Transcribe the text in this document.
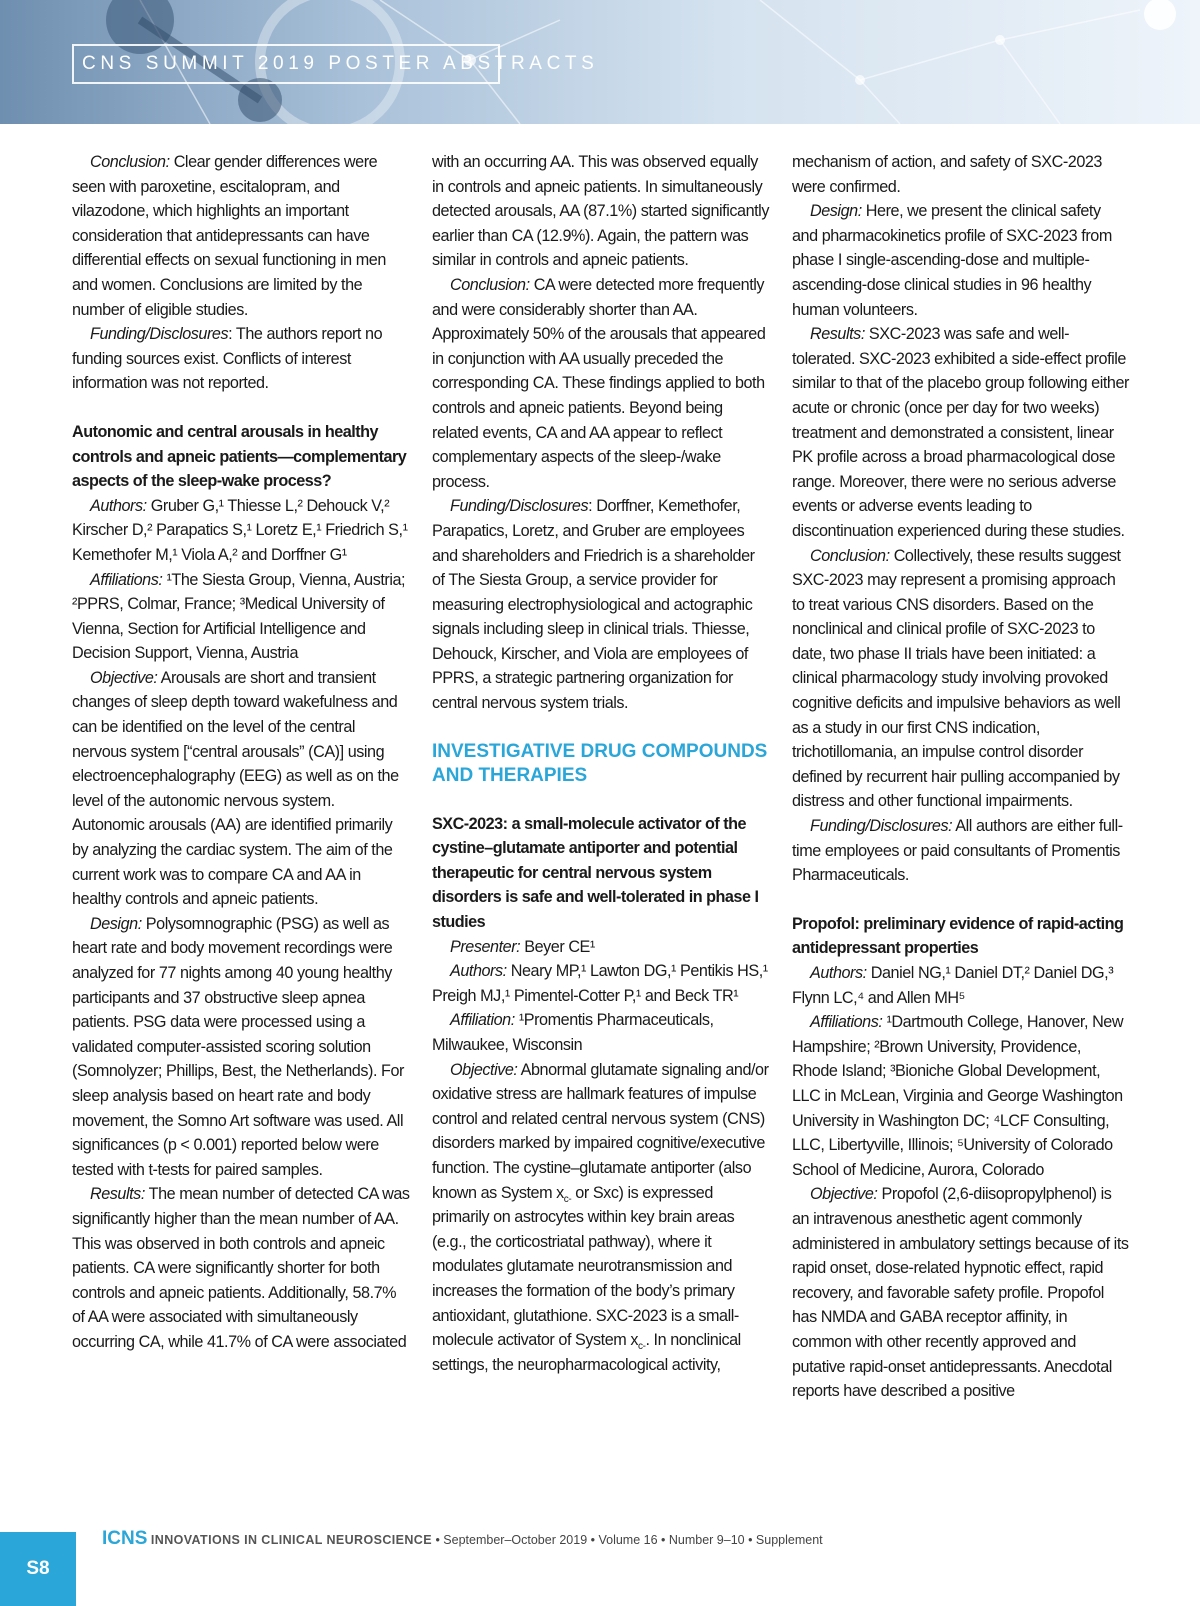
CNS SUMMIT 2019 POSTER ABSTRACTS

Conclusion: Clear gender differences were seen with paroxetine, escitalopram, and vilazodone, which highlights an important consideration that antidepressants can have differential effects on sexual functioning in men and women. Conclusions are limited by the number of eligible studies.

Funding/Disclosures: The authors report no funding sources exist. Conflicts of interest information was not reported.

Autonomic and central arousals in healthy controls and apneic patients—complementary aspects of the sleep-wake process?

Authors: Gruber G,¹ Thiesse L,² Dehouck V,² Kirscher D,² Parapatics S,¹ Loretz E,¹ Friedrich S,¹ Kemethofer M,¹ Viola A,² and Dorffner G¹

Affiliations: ¹The Siesta Group, Vienna, Austria; ²PPRS, Colmar, France; ³Medical University of Vienna, Section for Artificial Intelligence and Decision Support, Vienna, Austria

Objective: Arousals are short and transient changes of sleep depth toward wakefulness and can be identified on the level of the central nervous system [“central arousals” (CA)] using electroencephalography (EEG) as well as on the level of the autonomic nervous system. Autonomic arousals (AA) are identified primarily by analyzing the cardiac system. The aim of the current work was to compare CA and AA in healthy controls and apneic patients.

Design: Polysomnographic (PSG) as well as heart rate and body movement recordings were analyzed for 77 nights among 40 young healthy participants and 37 obstructive sleep apnea patients. PSG data were processed using a validated computer-assisted scoring solution (Somnolyzer; Phillips, Best, the Netherlands). For sleep analysis based on heart rate and body movement, the Somno Art software was used. All significances (p < 0.001) reported below were tested with t-tests for paired samples.

Results: The mean number of detected CA was significantly higher than the mean number of AA. This was observed in both controls and apneic patients. CA were significantly shorter for both controls and apneic patients. Additionally, 58.7% of AA were associated with simultaneously occurring CA, while 41.7% of CA were associated

with an occurring AA. This was observed equally in controls and apneic patients. In simultaneously detected arousals, AA (87.1%) started significantly earlier than CA (12.9%). Again, the pattern was similar in controls and apneic patients.

Conclusion: CA were detected more frequently and were considerably shorter than AA. Approximately 50% of the arousals that appeared in conjunction with AA usually preceded the corresponding CA. These findings applied to both controls and apneic patients. Beyond being related events, CA and AA appear to reflect complementary aspects of the sleep-/wake process.

Funding/Disclosures: Dorffner, Kemethofer, Parapatics, Loretz, and Gruber are employees and shareholders and Friedrich is a shareholder of The Siesta Group, a service provider for measuring electrophysiological and actographic signals including sleep in clinical trials. Thiesse, Dehouck, Kirscher, and Viola are employees of PPRS, a strategic partnering organization for central nervous system trials.

INVESTIGATIVE DRUG COMPOUNDS AND THERAPIES

SXC-2023: a small-molecule activator of the cystine–glutamate antiporter and potential therapeutic for central nervous system disorders is safe and well-tolerated in phase I studies

Presenter: Beyer CE¹

Authors: Neary MP,¹ Lawton DG,¹ Pentikis HS,¹ Preigh MJ,¹ Pimentel-Cotter P,¹ and Beck TR¹

Affiliation: ¹Promentis Pharmaceuticals, Milwaukee, Wisconsin

Objective: Abnormal glutamate signaling and/or oxidative stress are hallmark features of impulse control and related central nervous system (CNS) disorders marked by impaired cognitive/executive function. The cystine–glutamate antiporter (also known as System $x_{c-}$ or Sxc) is expressed primarily on astrocytes within key brain areas (e.g., the corticostriatal pathway), where it modulates glutamate neurotransmission and increases the formation of the body’s primary antioxidant, glutathione. SXC-2023 is a small-molecule activator of System $x_{c-}$. In nonclinical settings, the neuropharmacological activity,

mechanism of action, and safety of SXC-2023 were confirmed.

Design: Here, we present the clinical safety and pharmacokinetics profile of SXC-2023 from phase I single-ascending-dose and multiple-ascending-dose clinical studies in 96 healthy human volunteers.

Results: SXC-2023 was safe and well-tolerated. SXC-2023 exhibited a side-effect profile similar to that of the placebo group following either acute or chronic (once per day for two weeks) treatment and demonstrated a consistent, linear PK profile across a broad pharmacological dose range. Moreover, there were no serious adverse events or adverse events leading to discontinuation experienced during these studies.

Conclusion: Collectively, these results suggest SXC-2023 may represent a promising approach to treat various CNS disorders. Based on the nonclinical and clinical profile of SXC-2023 to date, two phase II trials have been initiated: a clinical pharmacology study involving provoked cognitive deficits and impulsive behaviors as well as a study in our first CNS indication, trichotillomania, an impulse control disorder defined by recurrent hair pulling accompanied by distress and other functional impairments.

Funding/Disclosures: All authors are either full-time employees or paid consultants of Promentis Pharmaceuticals.

Propofol: preliminary evidence of rapid-acting antidepressant properties

Authors: Daniel NG,¹ Daniel DT,² Daniel DG,³ Flynn LC,⁴ and Allen MH⁵

Affiliations: ¹Dartmouth College, Hanover, New Hampshire; ²Brown University, Providence, Rhode Island; ³Bioniche Global Development, LLC in McLean, Virginia and George Washington University in Washington DC; ⁴LCF Consulting, LLC, Libertyville, Illinois; ⁵University of Colorado School of Medicine, Aurora, Colorado

Objective: Propofol (2,6-diisopropylphenol) is an intravenous anesthetic agent commonly administered in ambulatory settings because of its rapid onset, dose-related hypnotic effect, rapid recovery, and favorable safety profile. Propofol has NMDA and GABA receptor affinity, in common with other recently approved and putative rapid-onset antidepressants. Anecdotal reports have described a positive

S8
ICNS INNOVATIONS IN CLINICAL NEUROSCIENCE • September–October 2019 • Volume 16 • Number 9–10 • Supplement
